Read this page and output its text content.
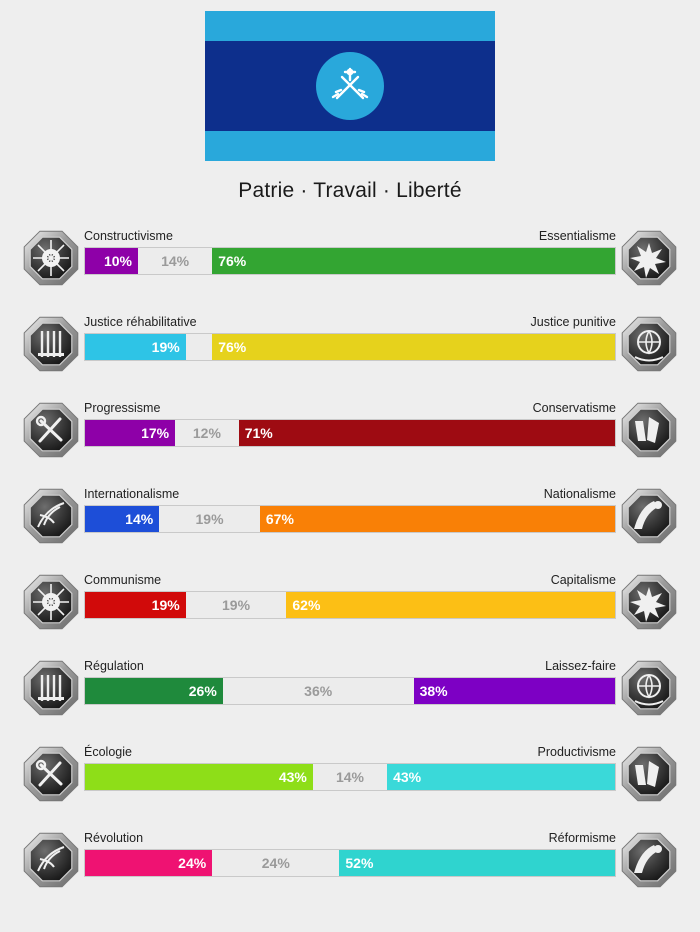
Patrie · Travail · Liberté
Constructivisme	Essentialisme
10%	14%	76%
Justice réhabilitative	Justice punitive
19%	76%
Progressisme	Conservatisme
17%	12%	71%
Internationalisme	Nationalisme
14%	19%	67%
Communisme	Capitalisme
19%	19%	62%
Régulation	Laissez-faire
26%	36%	38%
Écologie	Productivisme
43%	14%	43%
Révolution	Réformisme
24%	24%	52%
